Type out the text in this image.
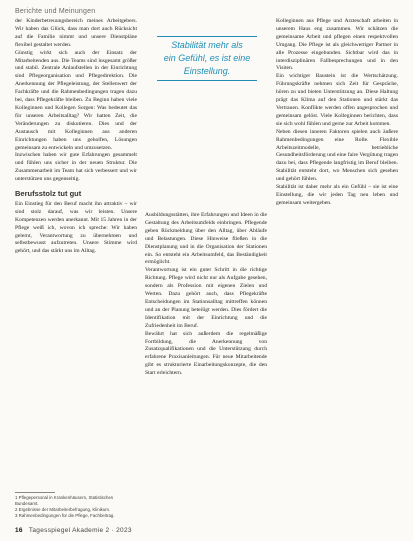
Berichte und Meinungen

der Kinderbetreuungsbereich meines Arbeitgebers. Wir haben das Glück, dass man dort auch Rücksicht auf die Familie nimmt und unsere Dienstpläne flexibel gestaltet werden.

Günstig wirkt sich auch der Einsatz der Mitarbeitenden aus. Die Teams sind insgesamt größer und stabil. Zentrale Anlaufstellen in der Einrichtung sind Pflegeorganisation und Pflegedirektion. Die Anerkennung der Pflegeleistung, der Stellenwert der Fachkräfte und die Rahmenbedingungen tragen dazu bei, dass Pflegekräfte bleiben. Zu Beginn haben viele Kolleginnen und Kollegen Sorgen: Was bedeutet das für unseren Arbeitsalltag? Wir hatten Zeit, die Veränderungen zu diskutieren. Dies und der Austausch mit Kolleginnen aus anderen Einrichtungen haben uns geholfen, Lösungen gemeinsam zu entwickeln und umzusetzen.

Inzwischen haben wir gute Erfahrungen gesammelt und fühlen uns sicher in der neuen Struktur. Die Zusammenarbeit im Team hat sich verbessert und wir unterstützen uns gegenseitig.

Berufsstolz tut gut

Ein Einstieg für den Beruf macht ihn attraktiv – wir sind stolz darauf, was wir leisten. Unsere Kompetenzen werden anerkannt. Mit 15 Jahren in der Pflege weiß ich, wovon ich spreche: Wir haben gelernt, Verantwortung zu übernehmen und selbstbewusst aufzutreten. Unsere Stimme wird gehört, und das stärkt uns im Alltag.

Stabilität mehr als
ein Gefühl, es ist eine
Einstellung.

Ausbildungsstätten, ihre Erfahrungen und Ideen in die Gestaltung des Arbeitsumfelds einbringen. Pflegende geben Rückmeldung über den Alltag, über Abläufe und Belastungen. Diese Hinweise fließen in die Dienstplanung und in die Organisation der Stationen ein. So entsteht ein Arbeitsumfeld, das Beständigkeit ermöglicht.

Verantwortung ist ein guter Schritt in die richtige Richtung. Pflege wird nicht nur als Aufgabe gesehen, sondern als Profession mit eigenen Zielen und Werten. Dazu gehört auch, dass Pflegekräfte Entscheidungen im Stationsalltag mittreffen können und an der Planung beteiligt werden. Dies fördert die Identifikation mit der Einrichtung und die Zufriedenheit im Beruf.

Bewährt hat sich außerdem die regelmäßige Fortbildung, die Anerkennung von Zusatzqualifikationen und die Unterstützung durch erfahrene Praxisanleitungen. Für neue Mitarbeitende gibt es strukturierte Einarbeitungskonzepte, die den Start erleichtern.

Kolleginnen aus Pflege und Ärzteschaft arbeiten in unserem Haus eng zusammen. Wir schätzen die gemeinsame Arbeit und pflegen einen respektvollen Umgang. Die Pflege ist als gleichwertiger Partner in alle Prozesse eingebunden. Sichtbar wird das in interdisziplinären Fallbesprechungen und in den Visiten.

Ein wichtiger Baustein ist die Wertschätzung. Führungskräfte nehmen sich Zeit für Gespräche, hören zu und bieten Unterstützung an. Diese Haltung prägt das Klima auf den Stationen und stärkt das Vertrauen. Konflikte werden offen angesprochen und gemeinsam gelöst. Viele Kolleginnen berichten, dass sie sich wohl fühlen und gerne zur Arbeit kommen.

Neben diesen inneren Faktoren spielen auch äußere Rahmenbedingungen eine Rolle. Flexible Arbeitszeitmodelle, betriebliche Gesundheitsförderung und eine faire Vergütung tragen dazu bei, dass Pflegende langfristig im Beruf bleiben. Stabilität entsteht dort, wo Menschen sich gesehen und gehört fühlen.

Stabilität ist daher mehr als ein Gefühl – sie ist eine Einstellung, die wir jeden Tag neu leben und gemeinsam weitergeben.

1 Pflegepersonal in Krankenhäusern, Statistisches Bundesamt.
2 Ergebnisse der Mitarbeiterbefragung, Klinikum.
3 Rahmenbedingungen für die Pflege, Fachbeitrag.
16 Tagesspiegel Akademie 2 · 2023
